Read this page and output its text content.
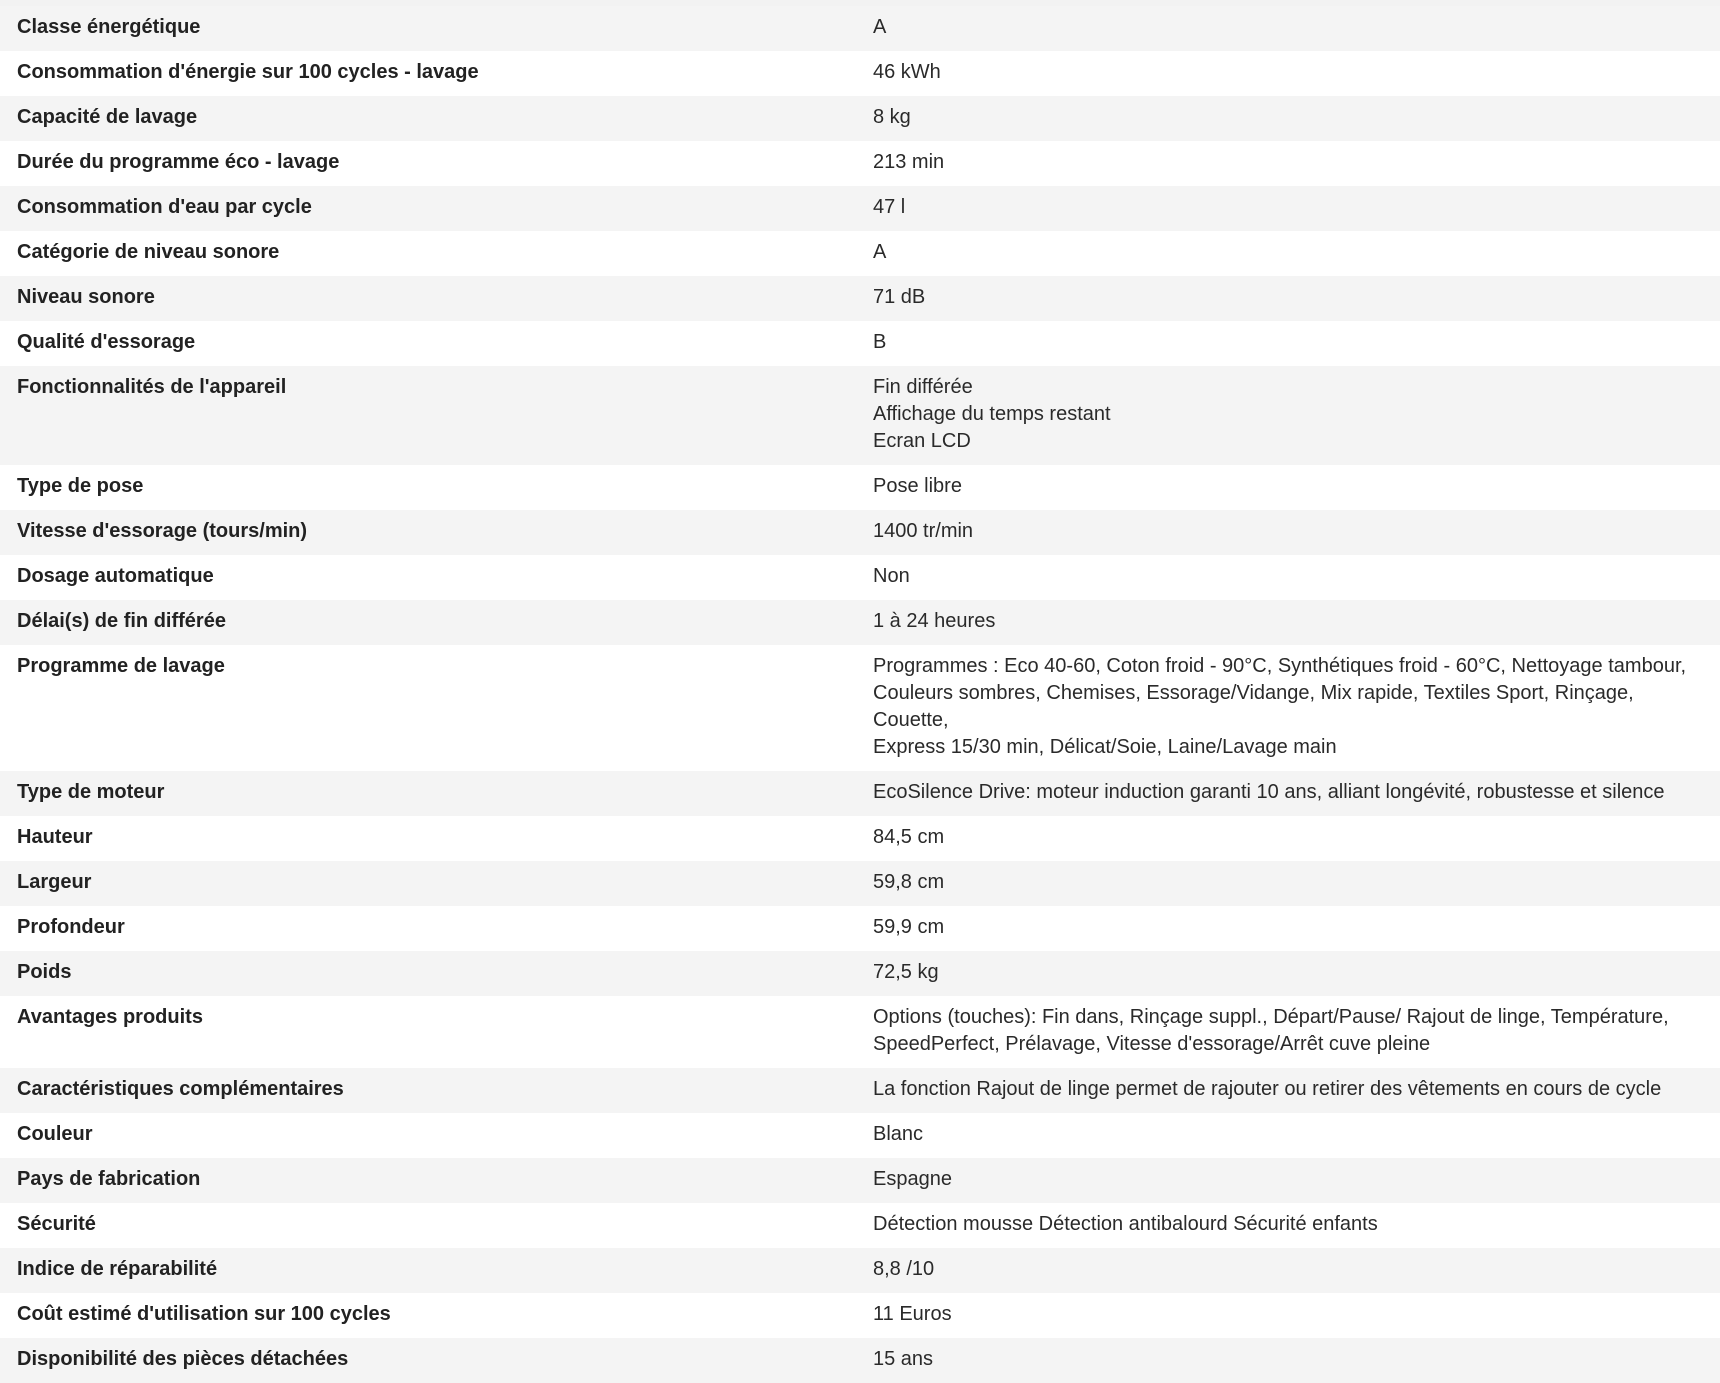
Classe énergétique	A

Consommation d'énergie sur 100 cycles - lavage	46 kWh

Capacité de lavage	8 kg

Durée du programme éco - lavage	213 min

Consommation d'eau par cycle	47 l

Catégorie de niveau sonore	A

Niveau sonore	71 dB

Qualité d'essorage	B

Fonctionnalités de l'appareil	Fin différée
Affichage du temps restant
Ecran LCD

Type de pose	Pose libre

Vitesse d'essorage (tours/min)	1400 tr/min

Dosage automatique	Non

Délai(s) de fin différée	1 à 24 heures

Programme de lavage	Programmes : Eco 40-60, Coton froid - 90°C, Synthétiques froid - 60°C, Nettoyage tambour,
Couleurs sombres, Chemises, Essorage/Vidange, Mix rapide, Textiles Sport, Rinçage, Couette,
Express 15/30 min, Délicat/Soie, Laine/Lavage main

Type de moteur	EcoSilence Drive: moteur induction garanti 10 ans, alliant longévité, robustesse et silence

Hauteur	84,5 cm

Largeur	59,8 cm

Profondeur	59,9 cm

Poids	72,5 kg

Avantages produits	Options (touches): Fin dans, Rinçage suppl., Départ/Pause/ Rajout de linge, Température,
SpeedPerfect, Prélavage, Vitesse d'essorage/Arrêt cuve pleine

Caractéristiques complémentaires	La fonction Rajout de linge permet de rajouter ou retirer des vêtements en cours de cycle

Couleur	Blanc

Pays de fabrication	Espagne

Sécurité	Détection mousse Détection antibalourd Sécurité enfants

Indice de réparabilité	8,8 /10

Coût estimé d'utilisation sur 100 cycles	11 Euros

Disponibilité des pièces détachées	15 ans
